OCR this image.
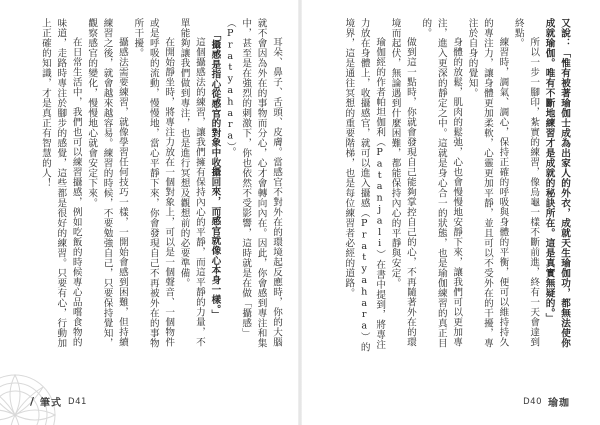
耳朵、鼻子、舌頭、皮膚。當感官不對外在的環境起反應時，你的大腦就不會因為外在的事物而分心，心才會轉向內在。因此，你會感到專注和集中，甚至是在強烈的刺激下，你也依然不受影響，這時就是在做「攝感」（Pratyahara）。

「攝感是指心從感官的對象中收攝回來，而感官就像心本身一樣。」

這個攝感法的練習，讓我們擁有保持內心的平靜，而這平靜的力量，不單能夠讓我們做到專注，也是進行冥想及觀想前的必要準備。

在開始靜坐時，將專注力放在一個對象上，可以是一個聲音、一個物件或是呼吸的流動，慢慢地，當心平靜下來，你會發現自己不再被外在的事物所干擾。

攝感法需要練習，就像學習任何技巧一樣，一開始會感到困難，但持續練習之後，就會越來越容易。練習的時候，不要勉強自己，只要保持覺知，觀察感官的變化，慢慢地心就會安定下來。

在日常生活中，我們也可以練習攝感，例如吃飯的時候專心品嚐食物的味道，走路時專注於腳步的感覺，這些都是很好的練習。只要有心，行動加上正確的知識，才是真正有智慧的人！

/ 筆式 D41

又說：「惟有被著瑜伽士成為出家人的外衣，成就天生瑜伽功，都無法使你成就瑜伽。唯有不斷地練習才是成就的秘訣所在。這是真實無疑的。」

所以一步一腳印，紮實的練習，像烏龜一樣不斷前進，終有一天會達到終點。

練習時，調氣、調心，保持正確的呼吸與身體的平衡，便可以維持持久的專注力，讓身體更加柔軟，心靈更加平靜，並且可以不受外在的干擾，專注於自身的覺知。

身體的放鬆，肌肉的鬆弛，心也會慢慢地安靜下來，讓我們可以更加專注，進入更深的靜定之中。這就是身心合一的狀態，也是瑜伽練習的真正目的。

做到這一點時，你就會發現自己能夠掌控自己的心，不再隨著外在的環境而起伏，無論遇到什麼困難，都能保持內心的平靜與安定。

瑜伽經的作者帕坦伽利（Patanjali）在書中提到，將專注力放在身體上，收攝感官，就可以進入攝感（Pratyahara）的境界，這是通往冥想的重要階梯，也是每位練習者必經的道路。

D40 瑜珈
